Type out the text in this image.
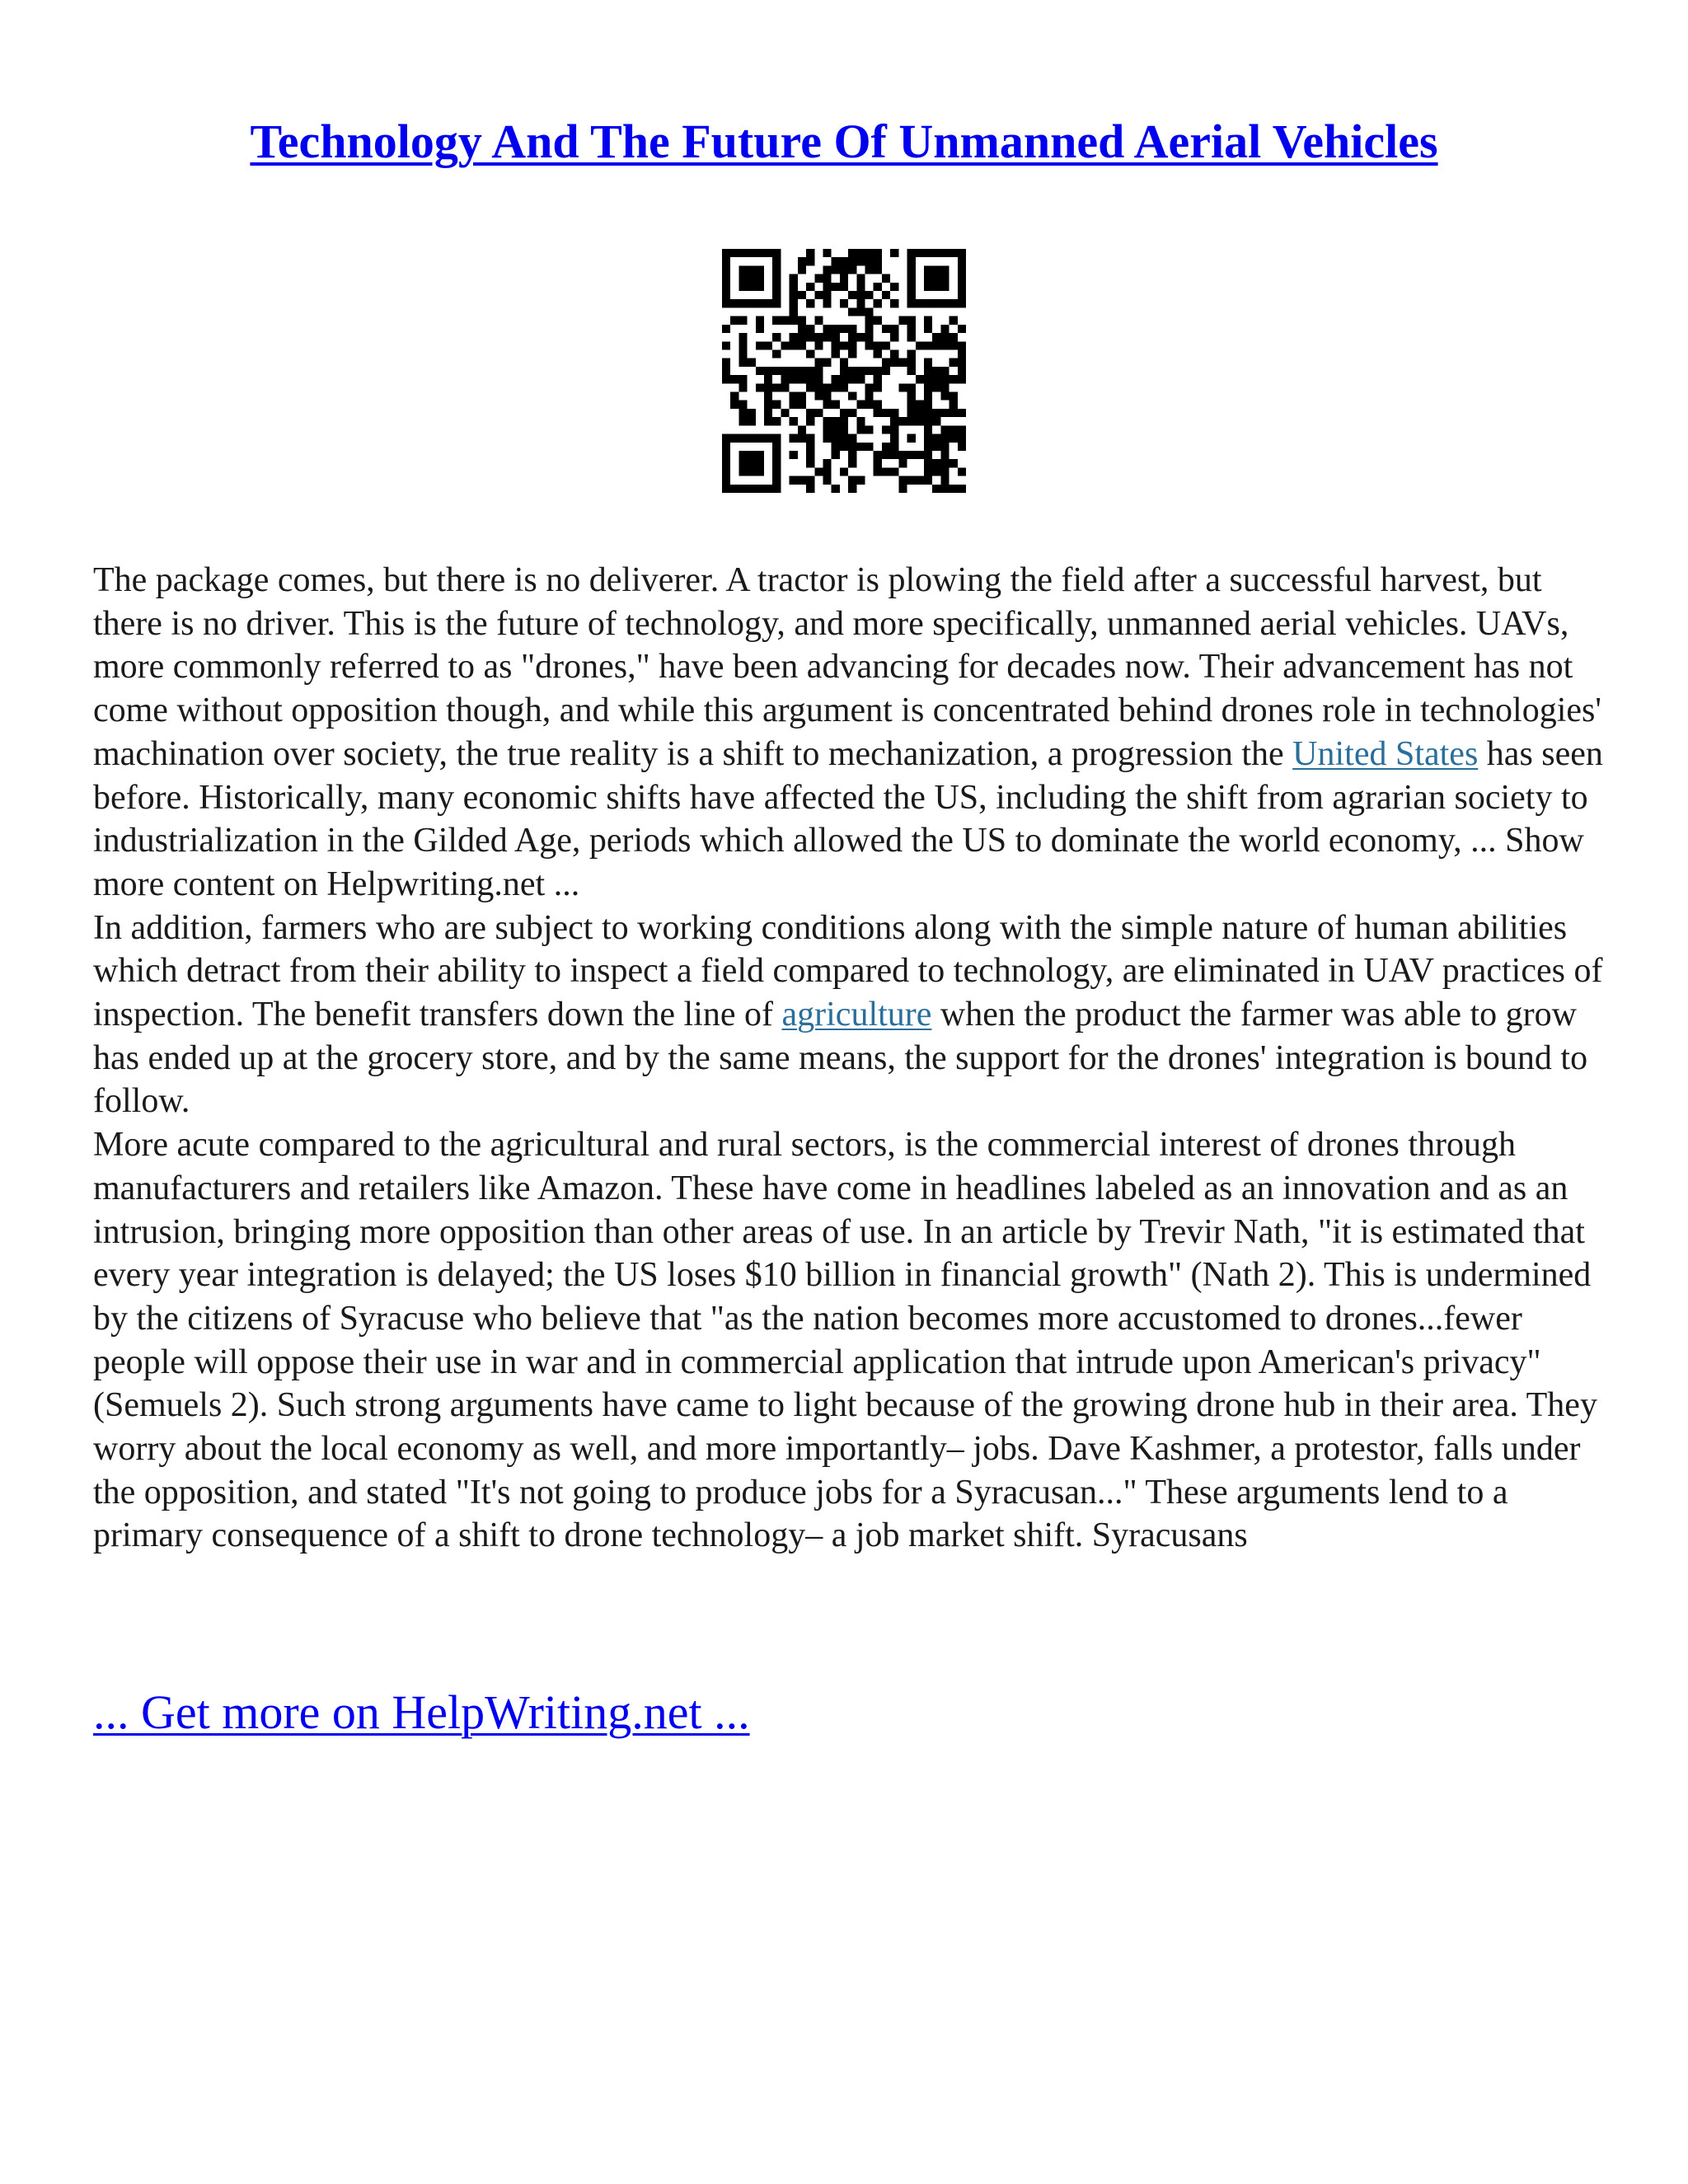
Technology And The Future Of Unmanned Aerial Vehicles

The package comes, but there is no deliverer. A tractor is plowing the field after a successful harvest, but there is no driver. This is the future of technology, and more specifically, unmanned aerial vehicles. UAVs, more commonly referred to as "drones," have been advancing for decades now. Their advancement has not come without opposition though, and while this argument is concentrated behind drones role in technologies' machination over society, the true reality is a shift to mechanization, a progression the United States has seen before. Historically, many economic shifts have affected the US, including the shift from agrarian society to industrialization in the Gilded Age, periods which allowed the US to dominate the world economy, ... Show more content on Helpwriting.net ...

In addition, farmers who are subject to working conditions along with the simple nature of human abilities which detract from their ability to inspect a field compared to technology, are eliminated in UAV practices of inspection. The benefit transfers down the line of agriculture when the product the farmer was able to grow has ended up at the grocery store, and by the same means, the support for the drones' integration is bound to follow.

More acute compared to the agricultural and rural sectors, is the commercial interest of drones through manufacturers and retailers like Amazon. These have come in headlines labeled as an innovation and as an intrusion, bringing more opposition than other areas of use. In an article by Trevir Nath, "it is estimated that every year integration is delayed; the US loses $10 billion in financial growth" (Nath 2). This is undermined by the citizens of Syracuse who believe that "as the nation becomes more accustomed to drones...fewer people will oppose their use in war and in commercial application that intrude upon American's privacy" (Semuels 2). Such strong arguments have came to light because of the growing drone hub in their area. They worry about the local economy as well, and more importantly– jobs. Dave Kashmer, a protestor, falls under the opposition, and stated "It's not going to produce jobs for a Syracusan..." These arguments lend to a primary consequence of a shift to drone technology– a job market shift. Syracusans

... Get more on HelpWriting.net ...
